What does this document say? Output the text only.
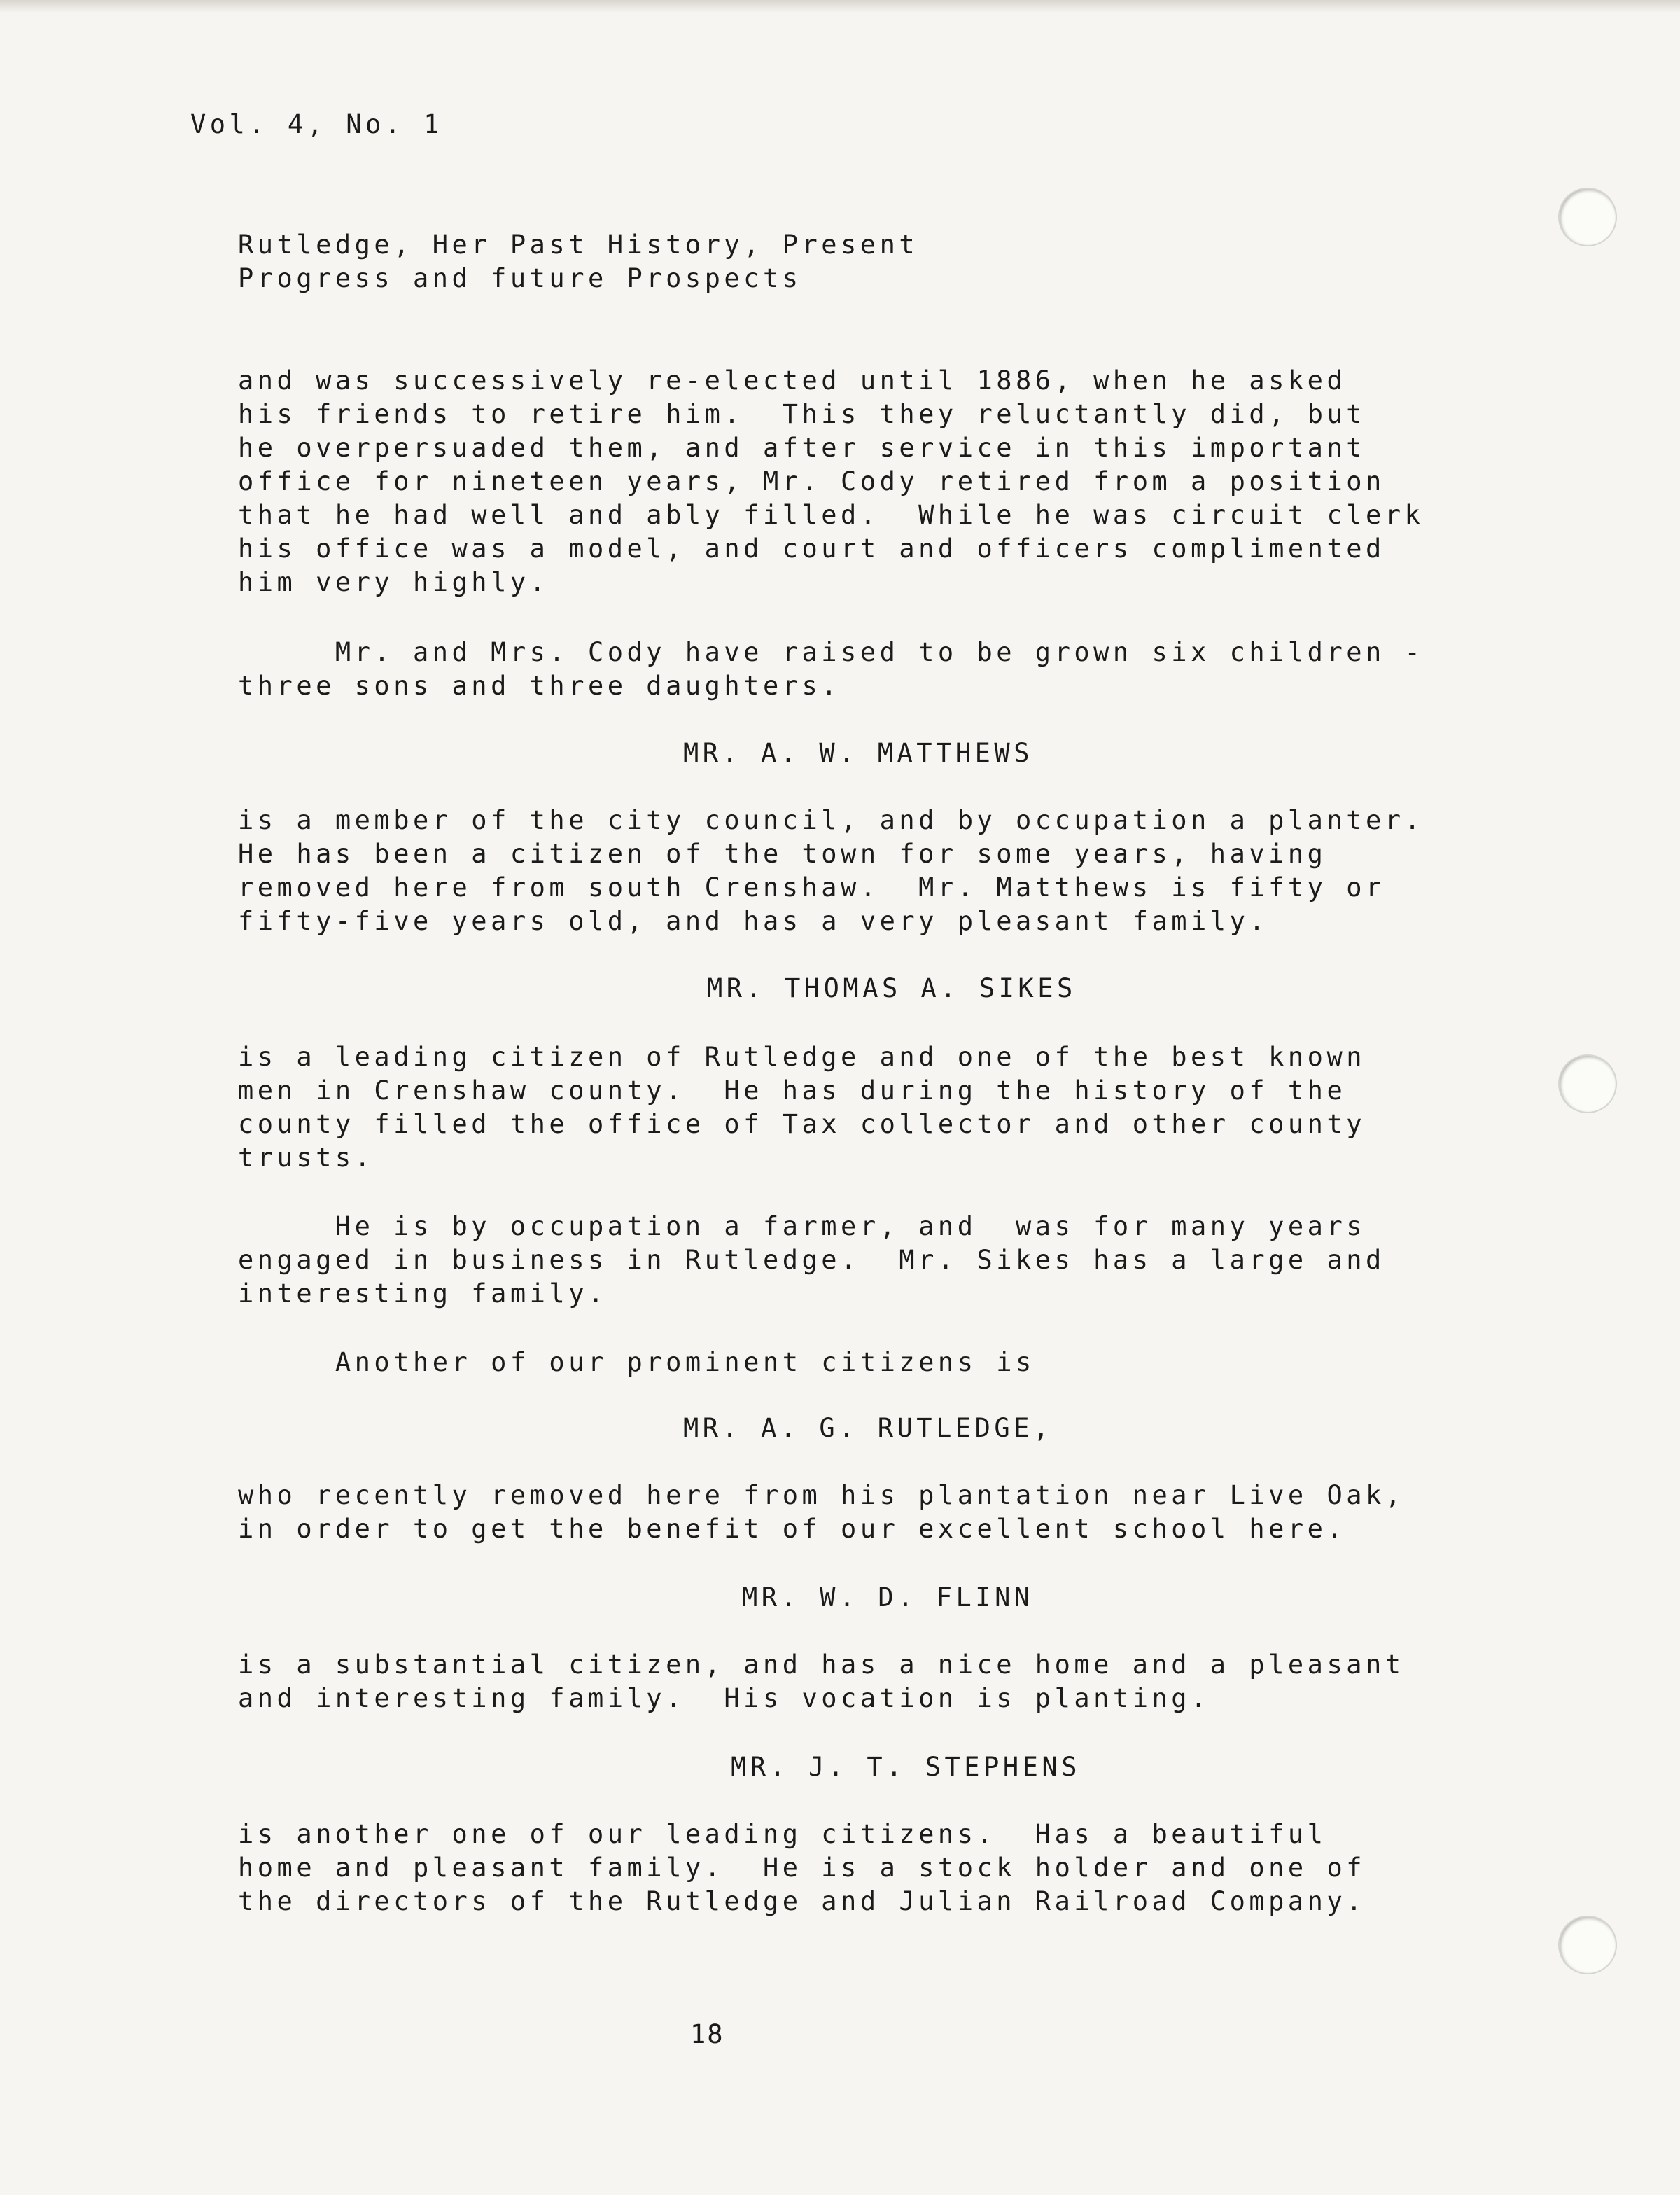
Vol. 4, No. 1
Rutledge, Her Past History, Present
Progress and future Prospects
and was successively re-elected until 1886, when he asked
his friends to retire him.  This they reluctantly did, but
he overpersuaded them, and after service in this important
office for nineteen years, Mr. Cody retired from a position
that he had well and ably filled.  While he was circuit clerk
his office was a model, and court and officers complimented
him very highly.
Mr. and Mrs. Cody have raised to be grown six children -
three sons and three daughters.
MR. A. W. MATTHEWS
is a member of the city council, and by occupation a planter.
He has been a citizen of the town for some years, having
removed here from south Crenshaw.  Mr. Matthews is fifty or
fifty-five years old, and has a very pleasant family.
MR. THOMAS A. SIKES
is a leading citizen of Rutledge and one of the best known
men in Crenshaw county.  He has during the history of the
county filled the office of Tax collector and other county
trusts.
He is by occupation a farmer, and  was for many years
engaged in business in Rutledge.  Mr. Sikes has a large and
interesting family.
Another of our prominent citizens is
MR. A. G. RUTLEDGE,
who recently removed here from his plantation near Live Oak,
in order to get the benefit of our excellent school here.
MR. W. D. FLINN
is a substantial citizen, and has a nice home and a pleasant
and interesting family.  His vocation is planting.
MR. J. T. STEPHENS
is another one of our leading citizens.  Has a beautiful
home and pleasant family.  He is a stock holder and one of
the directors of the Rutledge and Julian Railroad Company.
18
